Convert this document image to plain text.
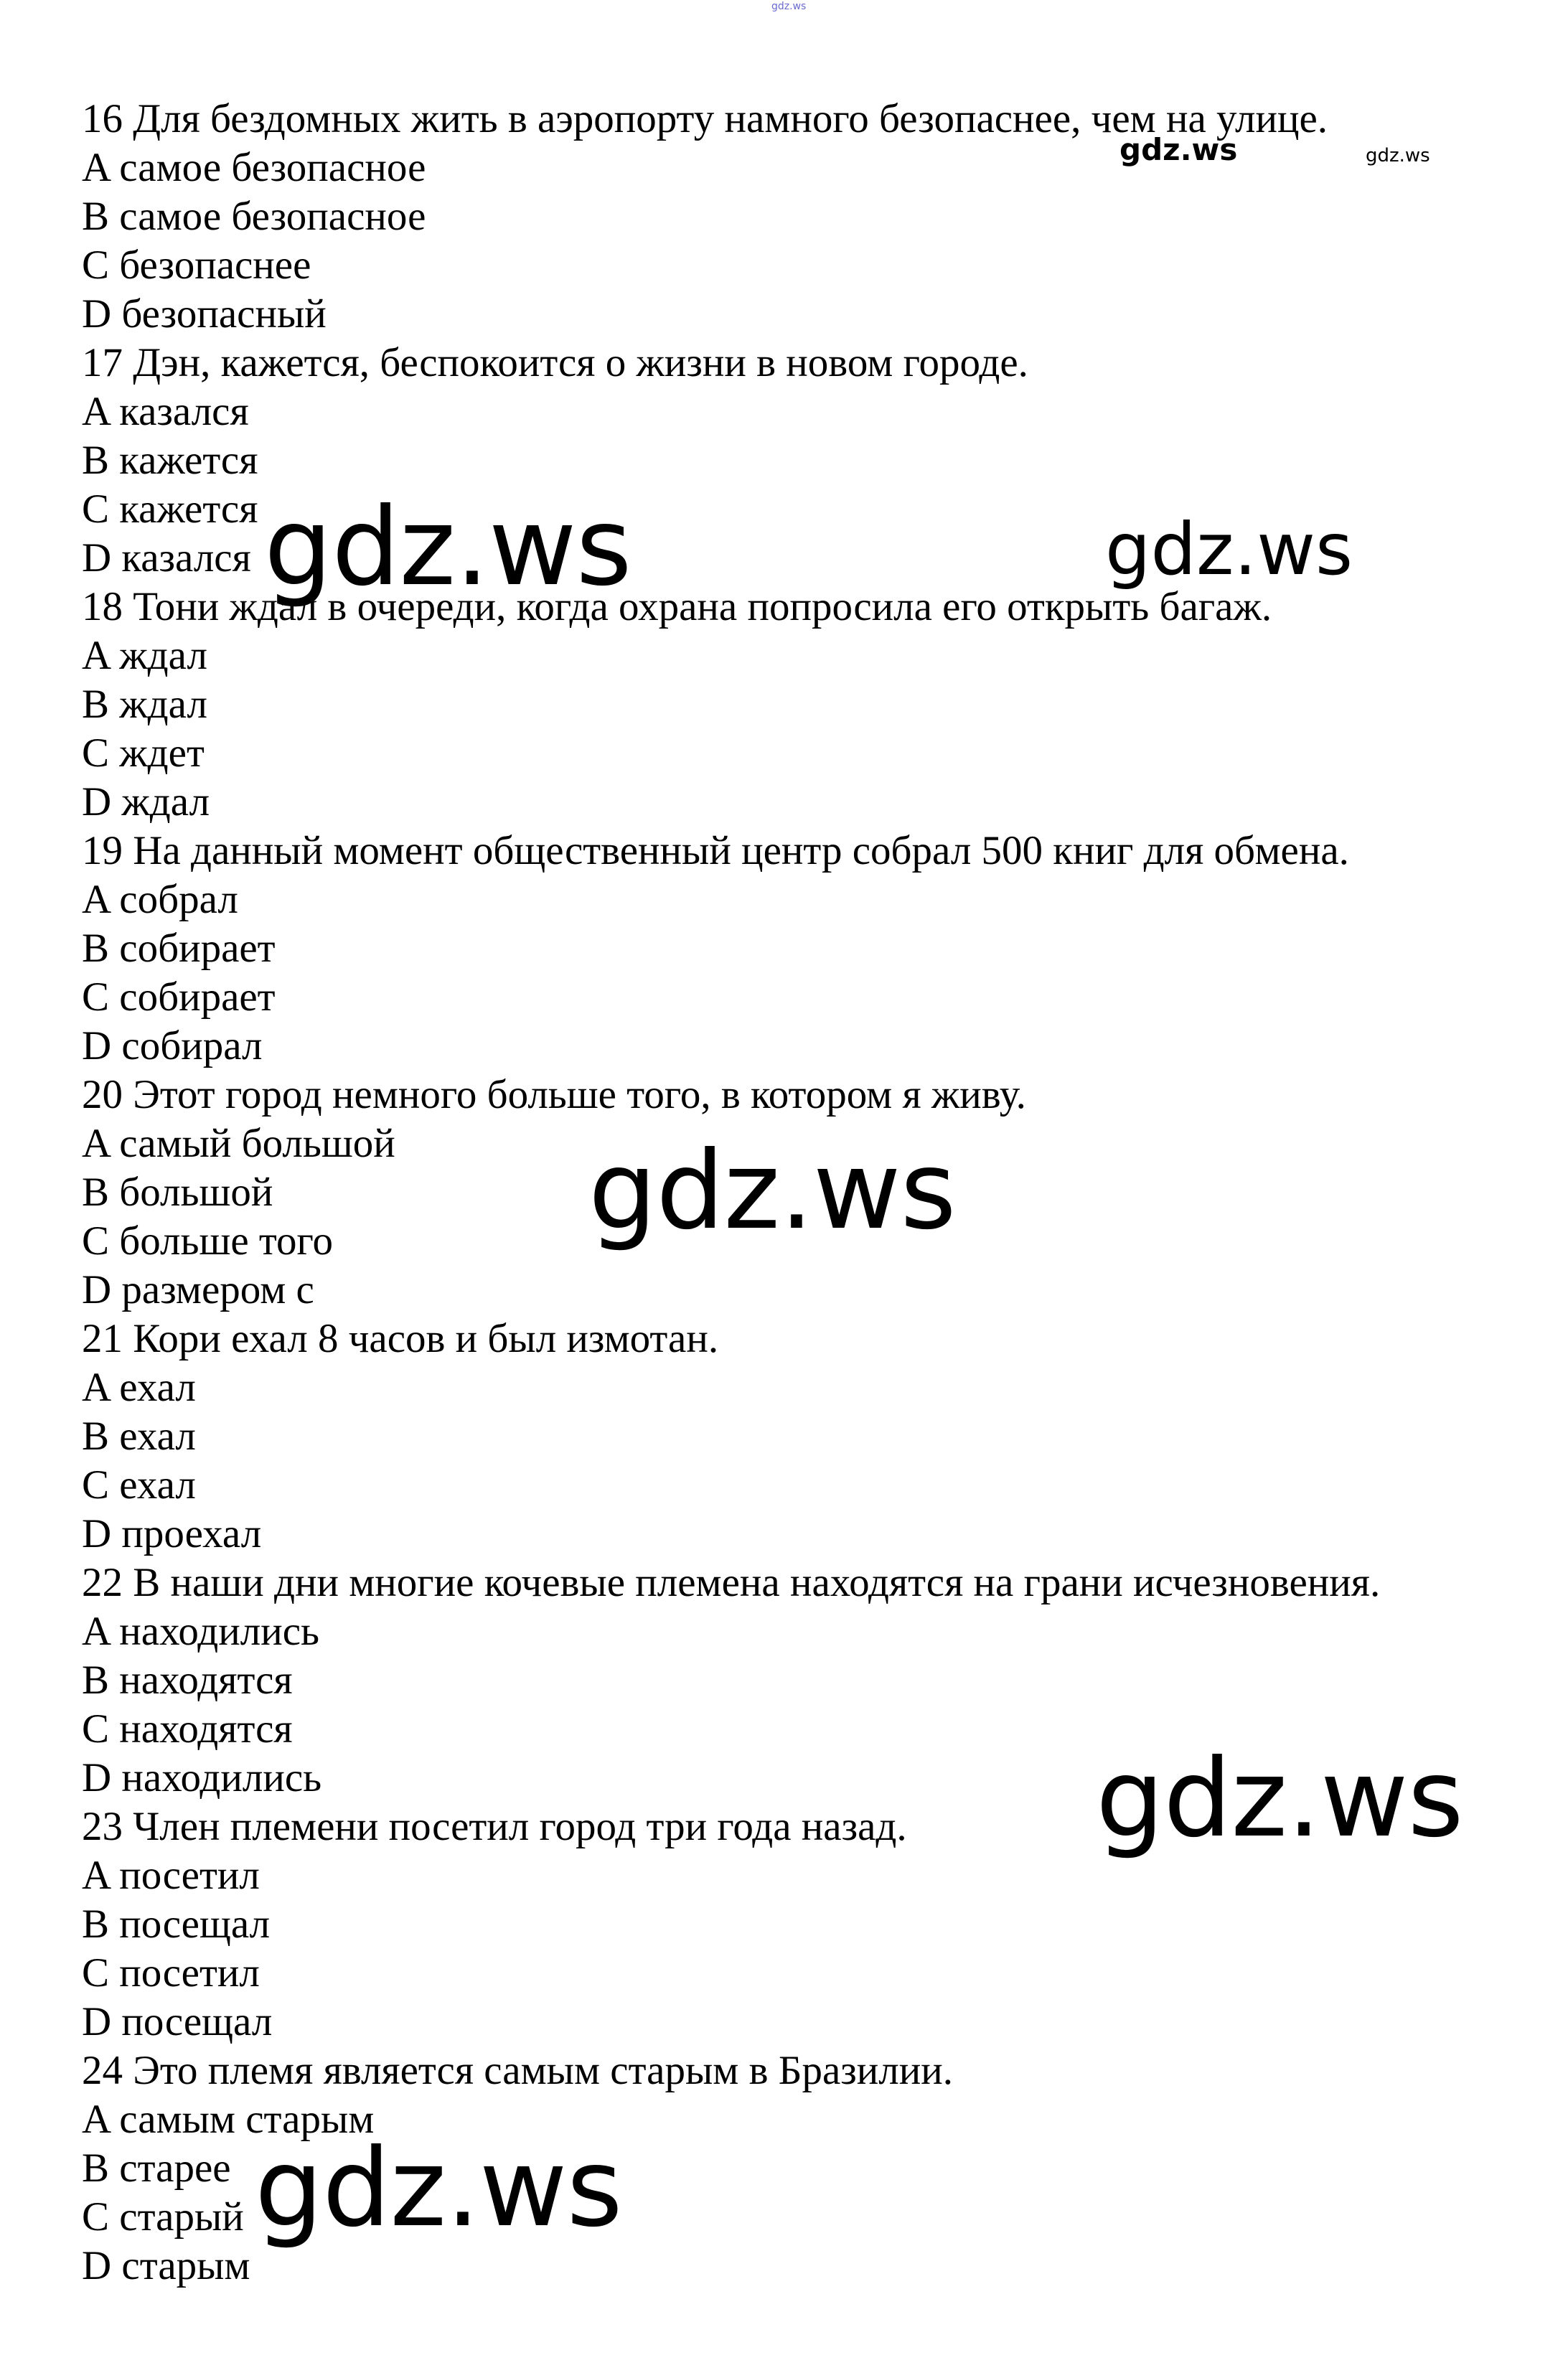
gdz.ws
16 Для бездомных жить в аэропорту намного безопаснее, чем на улице.
A самое безопасное
B самое безопасное
C безопаснее
D безопасный
17 Дэн, кажется, беспокоится о жизни в новом городе.
A казался
B кажется
C кажется
D казался
18 Тони ждал в очереди, когда охрана попросила его открыть багаж.
A ждал
B ждал
C ждет
D ждал
19 На данный момент общественный центр собрал 500 книг для обмена.
A собрал
B собирает
C собирает
D собирал
20 Этот город немного больше того, в котором я живу.
A самый большой
B большой
C больше того
D размером с
21 Кори ехал 8 часов и был измотан.
A ехал
B ехал
C ехал
D проехал
22 В наши дни многие кочевые племена находятся на грани исчезновения.
A находились
B находятся
C находятся
D находились
23 Член племени посетил город три года назад.
A посетил
B посещал
C посетил
D посещал
24 Это племя является самым старым в Бразилии.
A самым старым
B старее
C старый
D старым
gdz.ws	gdz.ws
gdz.ws	gdz.ws
gdz.ws
gdz.ws
gdz.ws
